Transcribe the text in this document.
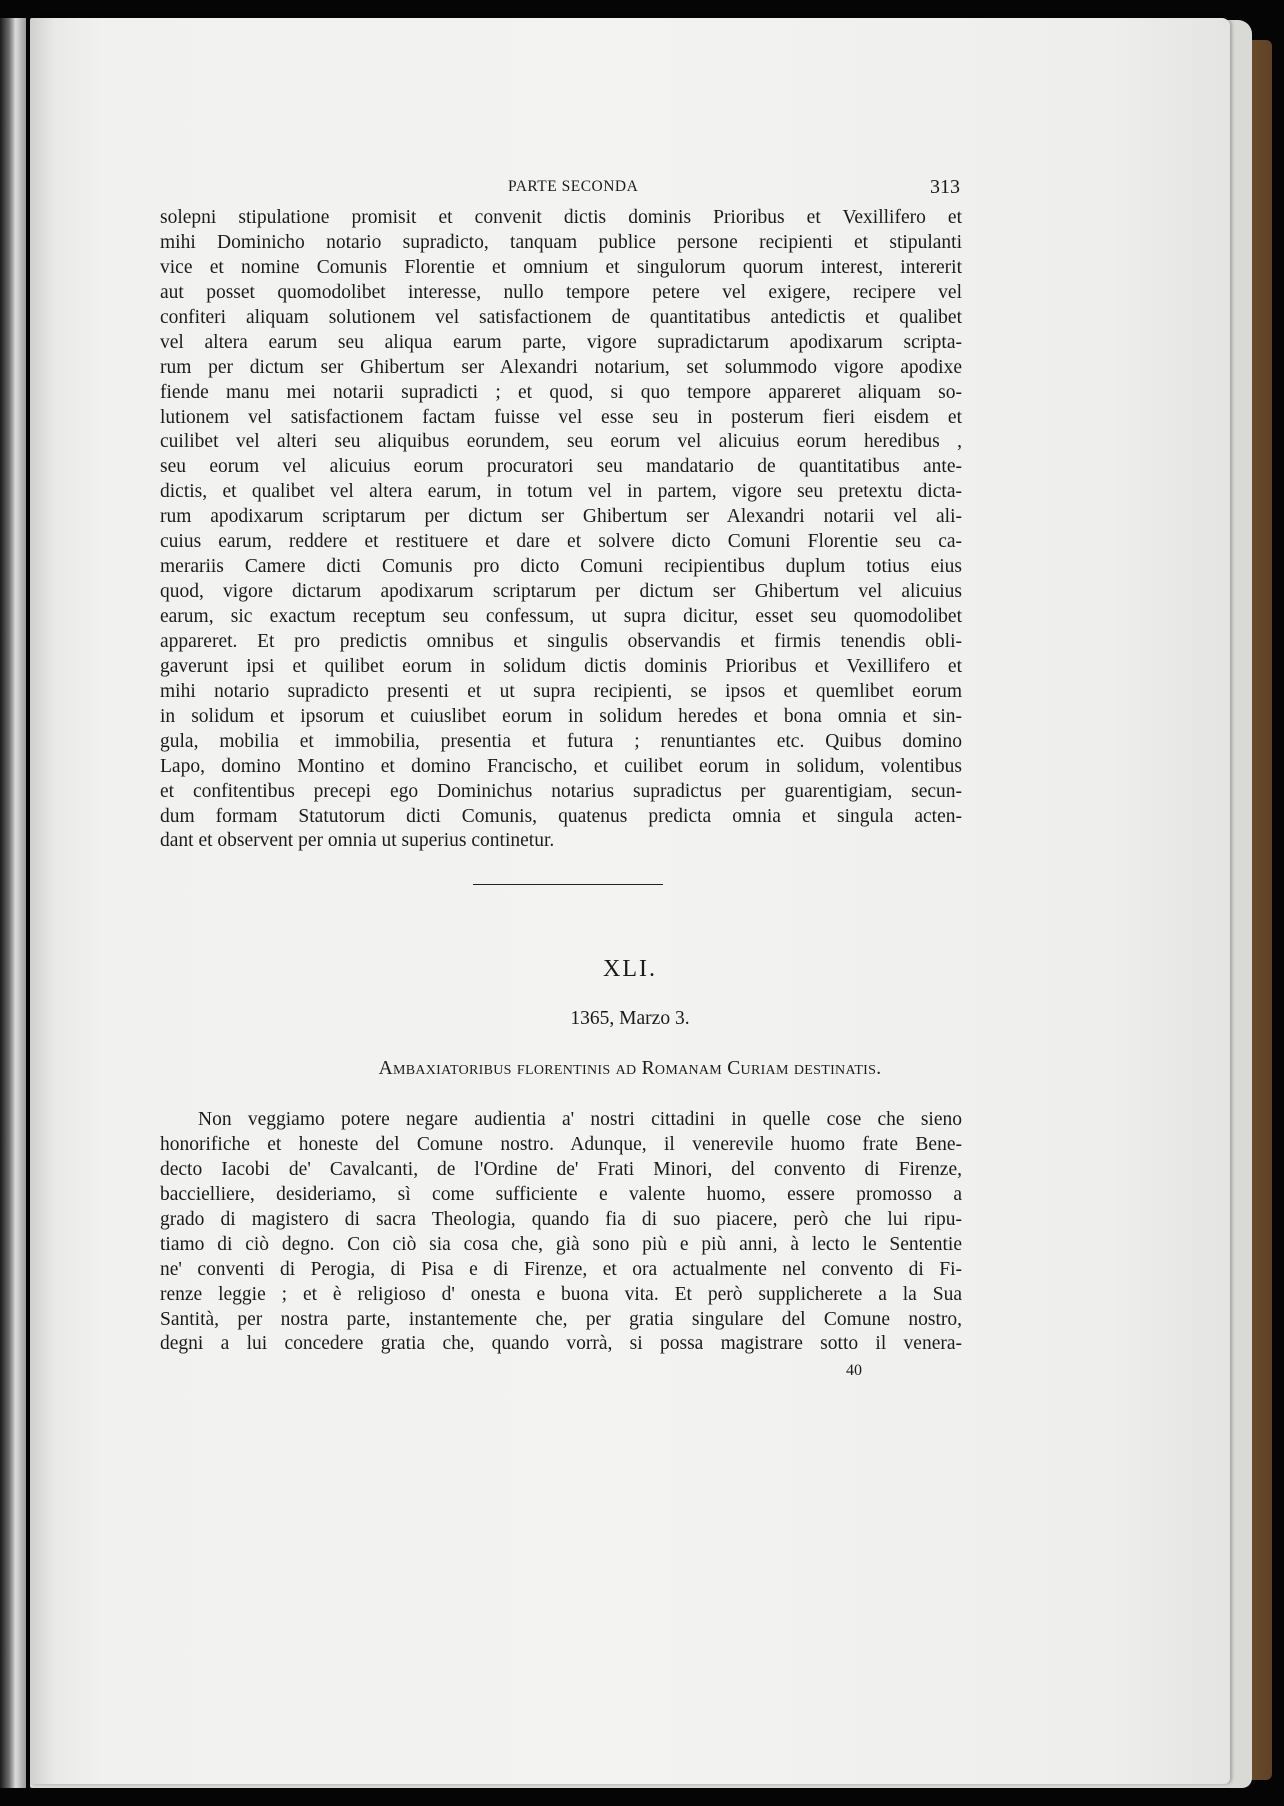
PARTE SECONDA	313
solepni stipulatione promisit et convenit dictis dominis Prioribus et Vexillifero et
mihi Dominicho notario supradicto, tanquam publice persone recipienti et stipulanti
vice et nomine Comunis Florentie et omnium et singulorum quorum interest, intererit
aut posset quomodolibet interesse, nullo tempore petere vel exigere, recipere vel
confiteri aliquam solutionem vel satisfactionem de quantitatibus antedictis et qualibet
vel altera earum seu aliqua earum parte, vigore supradictarum apodixarum scripta-
rum per dictum ser Ghibertum ser Alexandri notarium, set solummodo vigore apodixe
fiende manu mei notarii supradicti ; et quod, si quo tempore appareret aliquam so-
lutionem vel satisfactionem factam fuisse vel esse seu in posterum fieri eisdem et
cuilibet vel alteri seu aliquibus eorundem, seu eorum vel alicuius eorum heredibus ,
seu eorum vel alicuius eorum procuratori seu mandatario de quantitatibus ante-
dictis, et qualibet vel altera earum, in totum vel in partem, vigore seu pretextu dicta-
rum apodixarum scriptarum per dictum ser Ghibertum ser Alexandri notarii vel ali-
cuius earum, reddere et restituere et dare et solvere dicto Comuni Florentie seu ca-
merariis Camere dicti Comunis pro dicto Comuni recipientibus duplum totius eius
quod, vigore dictarum apodixarum scriptarum per dictum ser Ghibertum vel alicuius
earum, sic exactum receptum seu confessum, ut supra dicitur, esset seu quomodolibet
appareret. Et pro predictis omnibus et singulis observandis et firmis tenendis obli-
gaverunt ipsi et quilibet eorum in solidum dictis dominis Prioribus et Vexillifero et
mihi notario supradicto presenti et ut supra recipienti, se ipsos et quemlibet eorum
in solidum et ipsorum et cuiuslibet eorum in solidum heredes et bona omnia et sin-
gula, mobilia et immobilia, presentia et futura ; renuntiantes etc. Quibus domino
Lapo, domino Montino et domino Francischo, et cuilibet eorum in solidum, volentibus
et confitentibus precepi ego Dominichus notarius supradictus per guarentigiam, secun-
dum formam Statutorum dicti Comunis, quatenus predicta omnia et singula acten-
dant et observent per omnia ut superius continetur.
XLI.
1365, Marzo 3.
Ambaxiatoribus florentinis ad Romanam Curiam destinatis.
Non veggiamo potere negare audientia a' nostri cittadini in quelle cose che sieno
honorifiche et honeste del Comune nostro. Adunque, il venerevile huomo frate Bene-
decto Iacobi de' Cavalcanti, de l'Ordine de' Frati Minori, del convento di Firenze,
baccielliere, desideriamo, sì come sufficiente e valente huomo, essere promosso a
grado di magistero di sacra Theologia, quando fia di suo piacere, però che lui ripu-
tiamo di ciò degno. Con ciò sia cosa che, già sono più e più anni, à lecto le Sententie
ne' conventi di Perogia, di Pisa e di Firenze, et ora actualmente nel convento di Fi-
renze leggie ; et è religioso d' onesta e buona vita. Et però supplicherete a la Sua
Santità, per nostra parte, instantemente che, per gratia singulare del Comune nostro,
degni a lui concedere gratia che, quando vorrà, si possa magistrare sotto il venera-
40
